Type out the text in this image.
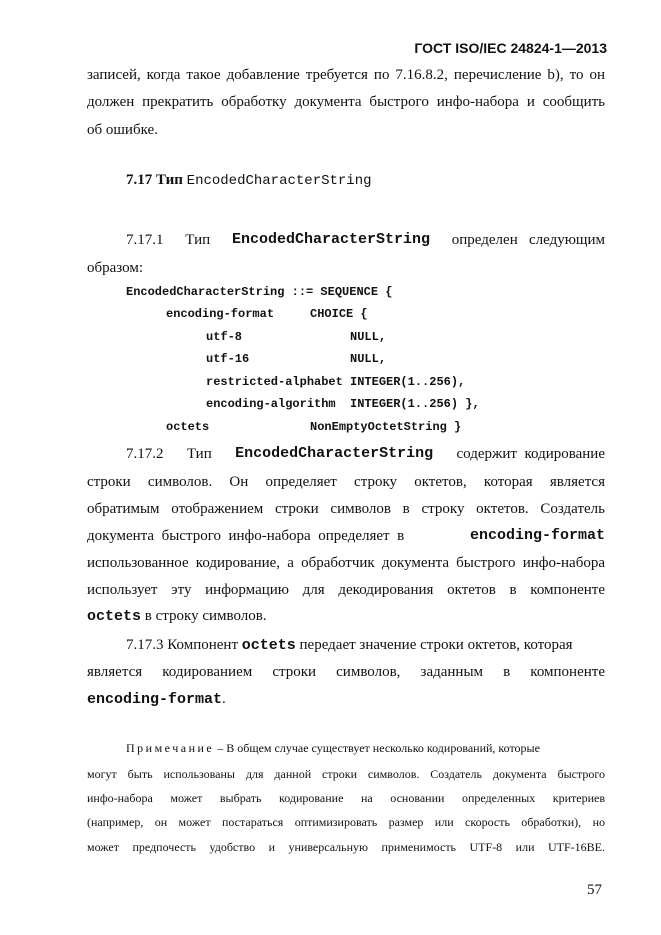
ГОСТ ISO/IEC 24824-1—2013
записей, когда такое добавление требуется по 7.16.8.2, перечисление b), то он
должен прекратить обработку документа быстрого инфо-набора и сообщить
об ошибке.
7.17 Тип EncodedCharacterString
7.17.1 Тип EncodedCharacterString определен   следующим
образом:
EncodedCharacterString ::= SEQUENCE {
encoding-format     CHOICE {
utf-8               NULL,
utf-16              NULL,
restricted-alphabet INTEGER(1..256),
encoding-algorithm  INTEGER(1..256) },
octets              NonEmptyOctetString }
7.17.2 Тип EncodedCharacterString содержит  кодирование
строки символов. Он определяет строку октетов, которая является
обратимым отображением строки символов в строку октетов. Создатель
документа  быстрого  инфо-набора  определяет  в	encoding-format
использованное кодирование, а обработчик документа быстрого инфо-набора
использует эту информацию для декодирования октетов в компоненте
octets в строку символов.
7.17.3 Компонент octets передает значение строки октетов, которая
является кодированием строки символов, заданным в компоненте
encoding-format.
Примечание – В общем случае существует несколько кодирований, которые
могут быть использованы для данной строки символов. Создатель документа быстрого
инфо-набора может выбрать кодирование на основании определенных критериев
(например, он может постараться оптимизировать размер или скорость обработки), но
может предпочесть удобство и универсальную применимость UTF-8 или UTF-16BE.
57
